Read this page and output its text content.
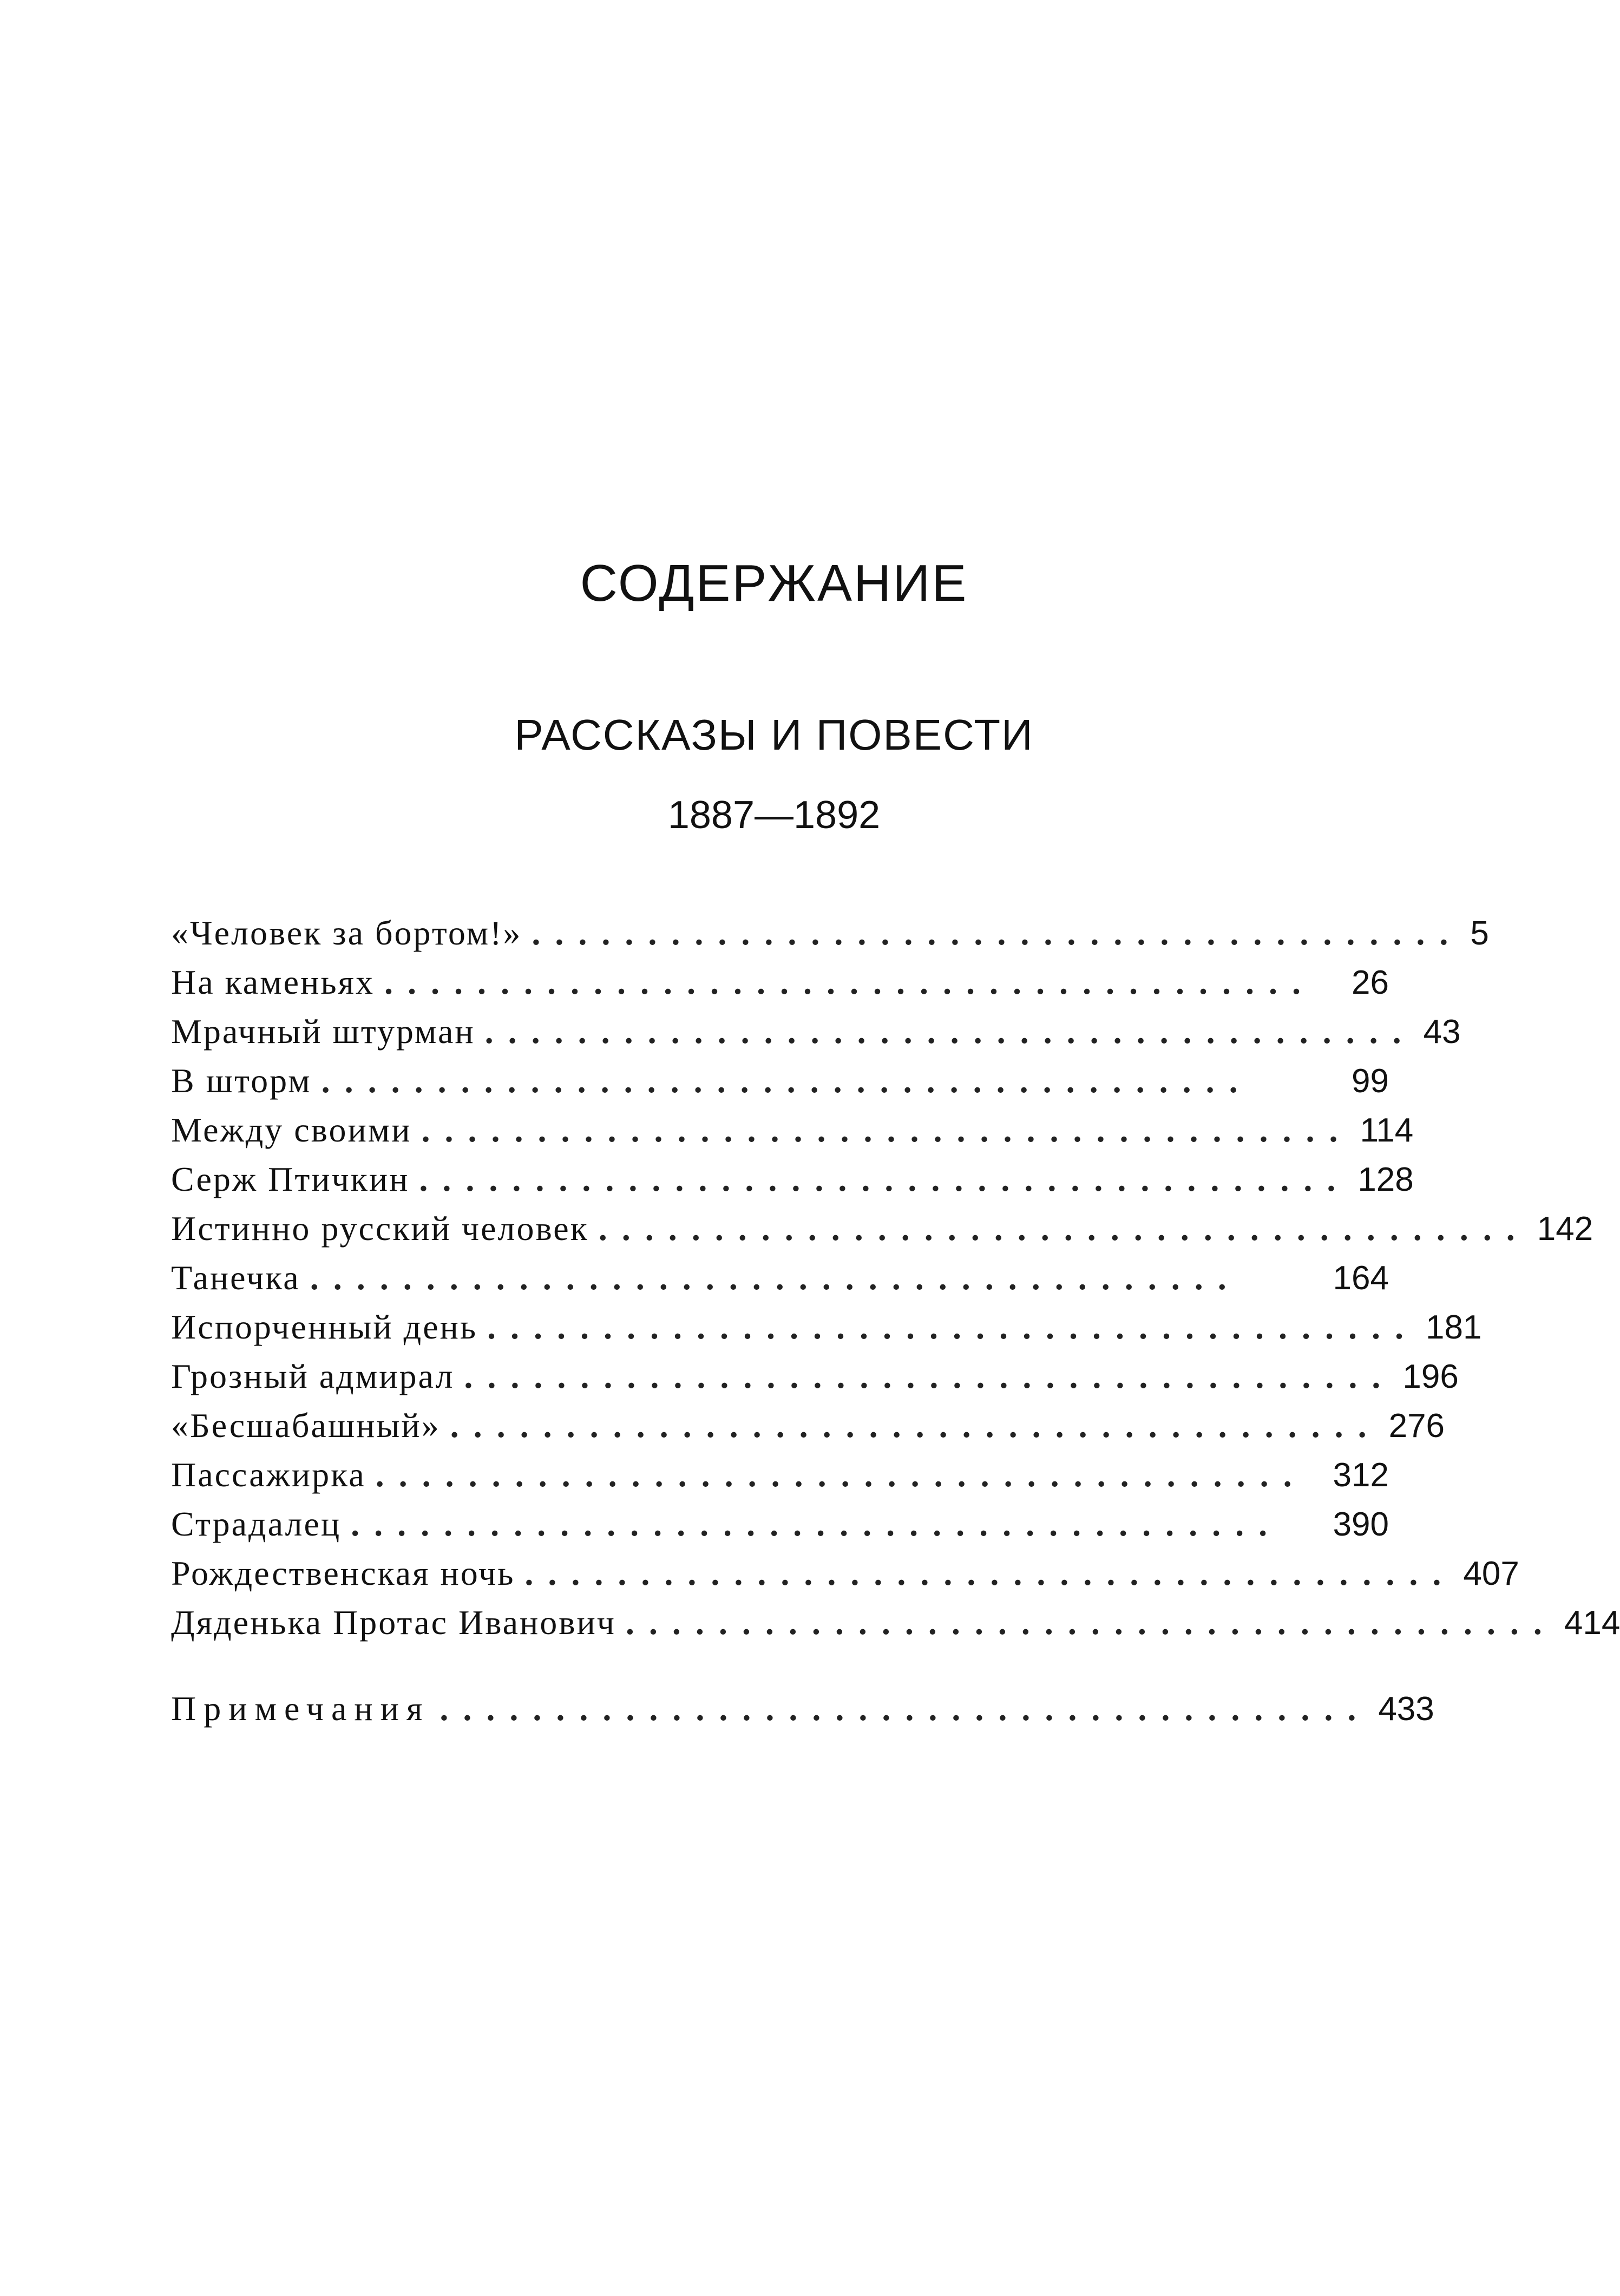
СОДЕРЖАНИЕ
РАССКАЗЫ И ПОВЕСТИ
1887—1892
«Человек за бортом!» ........................................ 5
На каменьях ........................................	26
Мрачный штурман ........................................ 43
В шторм ........................................	99
Между своими ........................................ 114
Серж Птичкин ........................................ 128
Истинно русский человек ........................................ 142
Танечка ........................................	164
Испорченный день ........................................ 181
Грозный адмирал ........................................ 196
«Бесшабашный» ........................................ 276
Пассажирка ........................................ 312
Страдалец ........................................	390
Рождественская ночь ........................................ 407
Дяденька Протас Иванович ........................................ 414
Примечания ........................................ 433
